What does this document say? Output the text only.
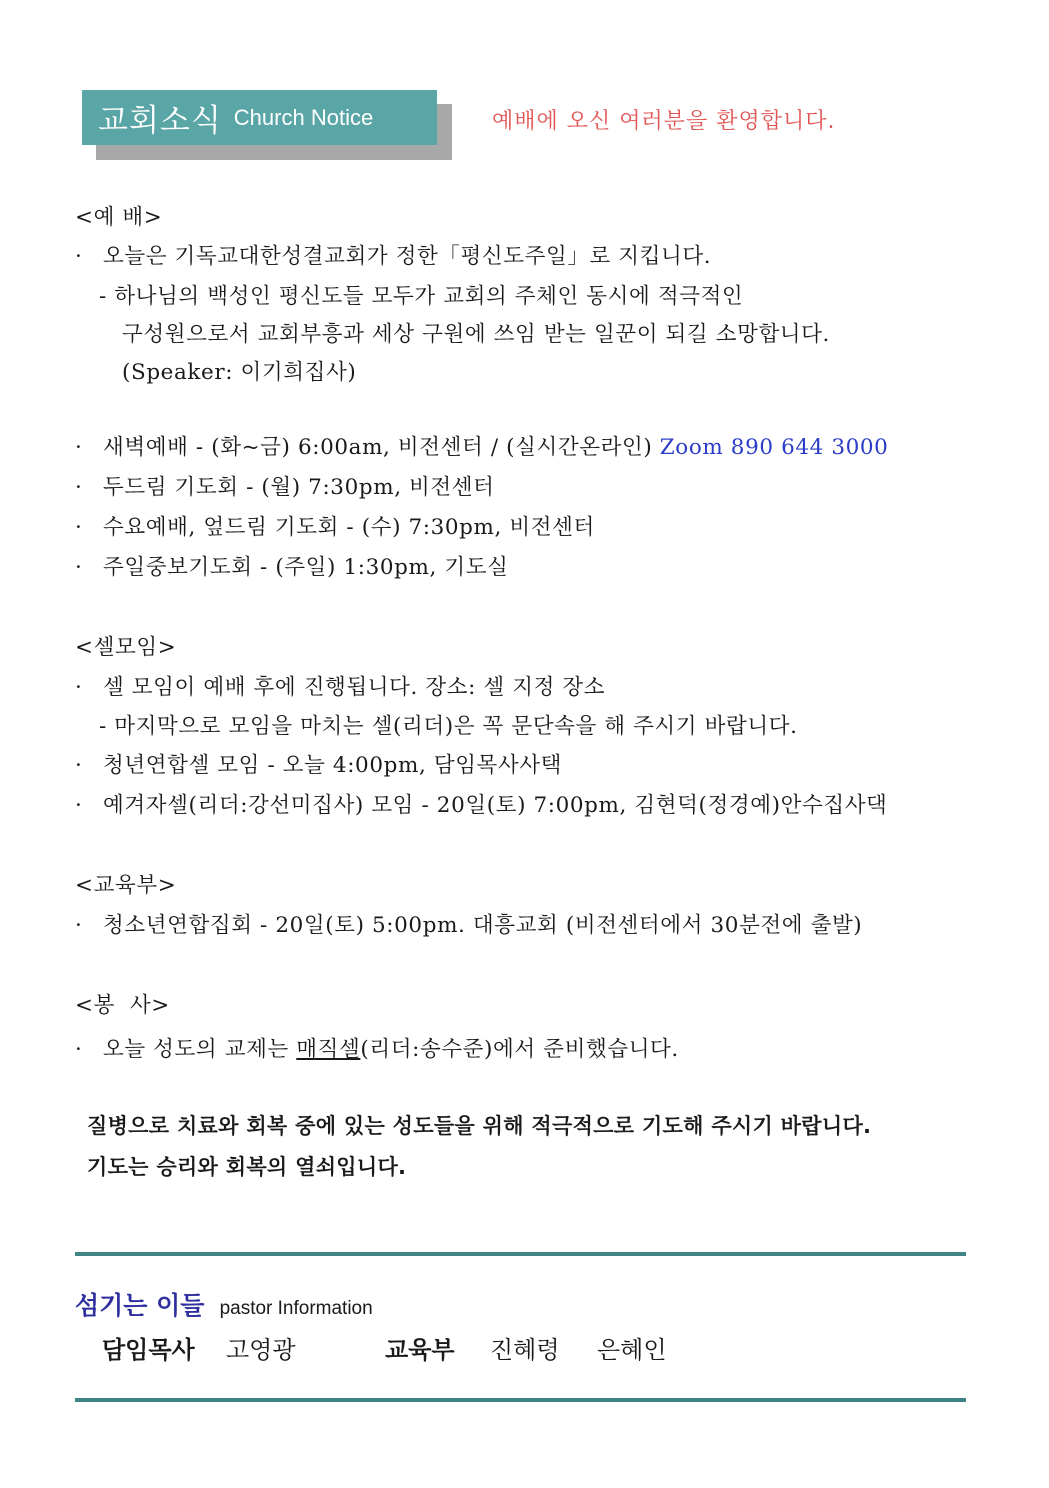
교회소식 Church Notice	예배에 오신 여러분을 환영합니다.
<예 배>
· 오늘은 기독교대한성결교회가 정한「평신도주일」로 지킵니다.
- 하나님의 백성인 평신도들 모두가 교회의 주체인 동시에 적극적인
구성원으로서 교회부흥과 세상 구원에 쓰임 받는 일꾼이 되길 소망합니다.
(Speaker: 이기희집사)
· 새벽예배 - (화~금) 6:00am, 비전센터 / (실시간온라인) Zoom 890 644 3000
· 두드림 기도회 - (월) 7:30pm, 비전센터
· 수요예배, 엎드림 기도회 - (수) 7:30pm, 비전센터
· 주일중보기도회 - (주일) 1:30pm, 기도실
<셀모임>
· 셀 모임이 예배 후에 진행됩니다. 장소: 셀 지정 장소
- 마지막으로 모임을 마치는 셀(리더)은 꼭 문단속을 해 주시기 바랍니다.
· 청년연합셀 모임 - 오늘 4:00pm, 담임목사사택
· 예겨자셀(리더:강선미집사) 모임 - 20일(토) 7:00pm, 김현덕(정경예)안수집사댁
<교육부>
· 청소년연합집회 - 20일(토) 5:00pm. 대흥교회 (비전센터에서 30분전에 출발)
<봉  사>
· 오늘 성도의 교제는 매직셀(리더:송수준)에서 준비했습니다.
질병으로 치료와 회복 중에 있는 성도들을 위해 적극적으로 기도해 주시기 바랍니다.
기도는 승리와 회복의 열쇠입니다.
섬기는 이들 pastor Information
담임목사 고영광	교육부 진혜령 은혜인
